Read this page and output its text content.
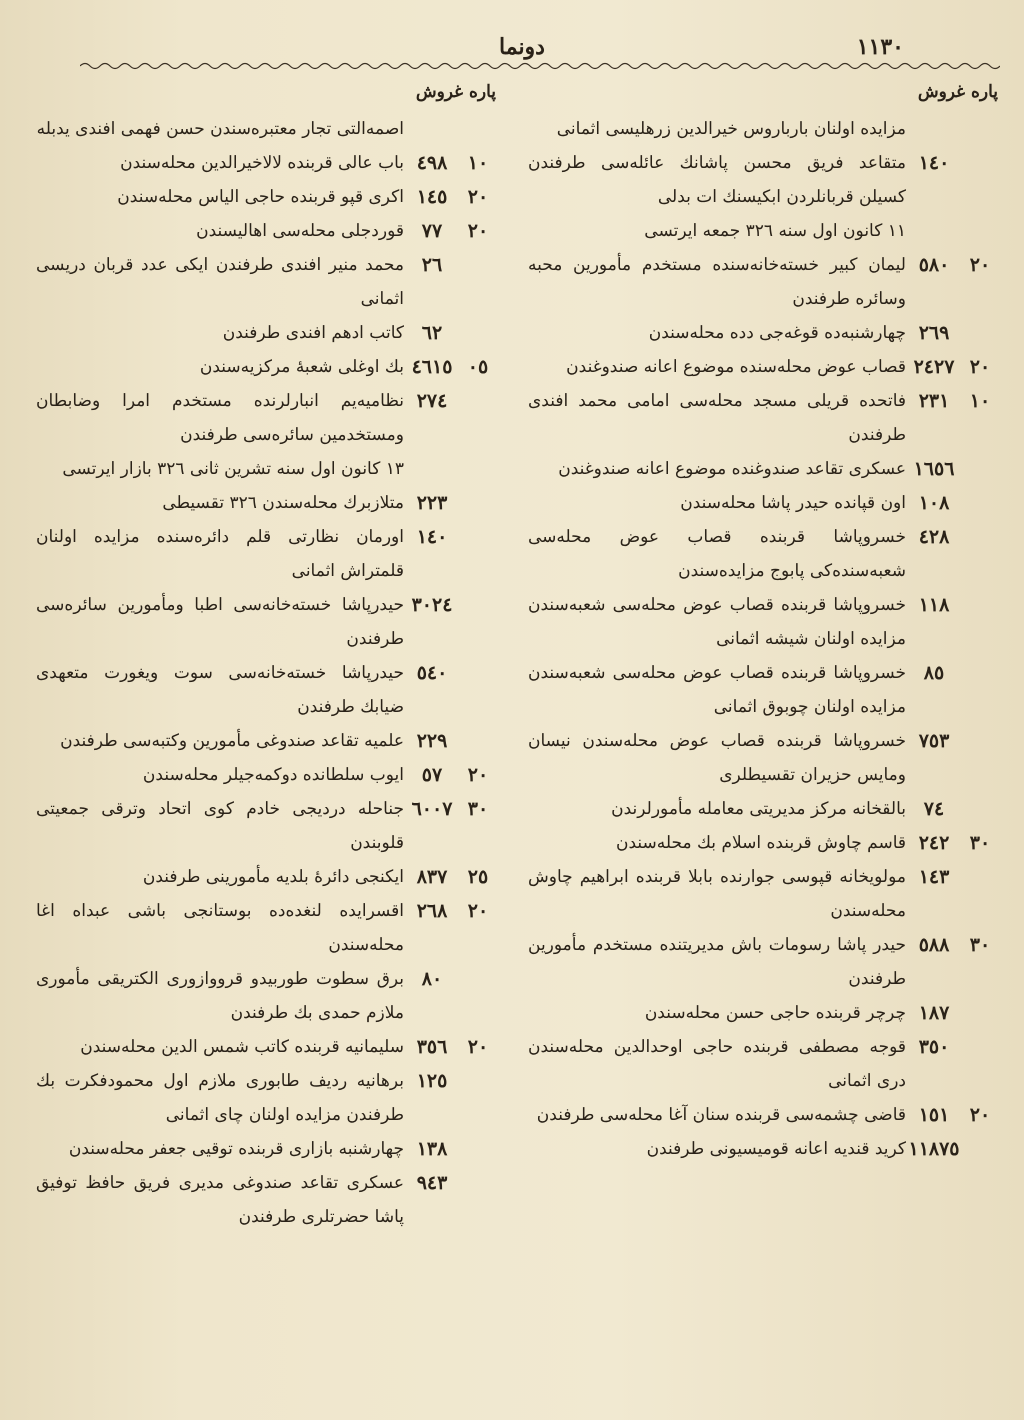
دونما	١١٣٠
پاره غروش
مزايده اولنان بارباروس خيرالدين زرهليسى اثمانى
١٤٠
متقاعد فريق محسن پاشانك عائله‌سى طرفندن كسيلن قربانلردن ابكيسنك ات بدلى
١١ كانون اول سنه ٣٢٦ جمعه ايرتسى
٢٠
٥٨٠
ليمان كبير خسته‌خانه‌سنده مستخدم مأمورين محبه وسائره طرفندن
٢٦٩
چهارشنبه‌ده قوغه‌جى دده محله‌سندن
٢٠
٢٤٢٧
قصاب عوض محله‌سنده موضوع اعانه صندوغندن
١٠
٢٣١
فاتحده قريلى مسجد محله‌سى امامى محمد افندى طرفندن
١٦٥٦
عسكرى تقاعد صندوغنده موضوع اعانه صندوغندن
١٠٨
اون قپانده حيدر پاشا محله‌سندن
٤٢٨
خسروپاشا قربنده قصاب عوض محله‌سى شعبه‌سنده‌كى پابوج مزايده‌سندن
١١٨
خسروپاشا قربنده قصاب عوض محله‌سى شعبه‌سندن مزايده اولنان شيشه اثمانى
٨٥
خسروپاشا قربنده قصاب عوض محله‌سى شعبه‌سندن مزايده اولنان چوبوق اثمانى
٧٥٣
خسروپاشا قربنده قصاب عوض محله‌سندن نيسان ومايس حزيران تقسيطلرى
٧٤
بالقخانه مركز مديريتى معامله مأمورلرندن
٣٠
٢٤٢
قاسم چاوش قربنده اسلام بك محله‌سندن
١٤٣
مولويخانه قپوسى جوارنده بابلا قربنده ابراهيم چاوش محله‌سندن
٣٠
٥٨٨
حيدر پاشا رسومات باش مديريتنده مستخدم مأمورين طرفندن
١٨٧
چرچر قربنده حاجى حسن محله‌سندن
٣٥٠
قوجه مصطفى قربنده حاجى اوحدالدين محله‌سندن درى اثمانى
٢٠
١٥١
قاضى چشمه‌سى قربنده سنان آغا محله‌سى طرفندن
١١٨٧٥
كريد قنديه اعانه قوميسيونى طرفندن
پاره غروش
اصمه‌التى تجار معتبره‌سندن حسن فهمى افندى يدبله
١٠
٤٩٨
باب عالى قربنده لالاخيرالدين محله‌سندن
٢٠
١٤٥
اكرى قپو قربنده حاجى الياس محله‌سندن
٢٠
٧٧
قوردجلى محله‌سى اهاليسندن
٢٦
محمد منير افندى طرفندن ايكى عدد قربان دريسى اثمانى
٦٢
كاتب ادهم افندى طرفندن
٠٥
٤٦١٥
بك اوغلى شعبهٔ مركزيه‌سندن
٢٧٤
نظاميه‌يم انبارلرنده مستخدم امرا وضابطان ومستخدمين سائره‌سى طرفندن
١٣ كانون اول سنه تشرين ثانى ٣٢٦ بازار ايرتسى
٢٢٣
متلازبرك محله‌سندن ٣٢٦ تقسيطى
١٤٠
اورمان نظارتى قلم دائره‌سنده مزايده اولنان قلمتراش اثمانى
٣٠٢٤
حيدرپاشا خسته‌خانه‌سى اطبا ومأمورين سائره‌سى طرفندن
٥٤٠
حيدرپاشا خسته‌خانه‌سى سوت ويغورت متعهدى ضيابك طرفندن
٢٢٩
علميه تقاعد صندوغى مأمورين وكتبه‌سى طرفندن
٢٠
٥٧
ايوب سلطانده دوكمه‌جيلر محله‌سندن
٣٠
٦٠٠٧
جناحله درديجى خادم كوى اتحاد وترقى جمعيتى قلوبندن
٢٥
٨٣٧
ايكنجى دائرهٔ بلديه مأمورينى طرفندن
٢٠
٢٦٨
اقسرايده لنغده‌ده بوستانجى باشى عبداه اغا محله‌سندن
٨٠
برق سطوت طوربيدو قرووازورى الكتريقى مأمورى ملازم حمدى بك طرفندن
٢٠
٣٥٦
سليمانيه قربنده كاتب شمس الدين محله‌سندن
١٢٥
برهانيه رديف طابورى ملازم اول محمودفكرت بك طرفندن مزايده اولنان چاى اثمانى
١٣٨
چهارشنبه بازارى قربنده توقيى جعفر محله‌سندن
٩٤٣
عسكرى تقاعد صندوغى مديرى فريق حافظ توفيق پاشا حضرتلرى طرفندن
